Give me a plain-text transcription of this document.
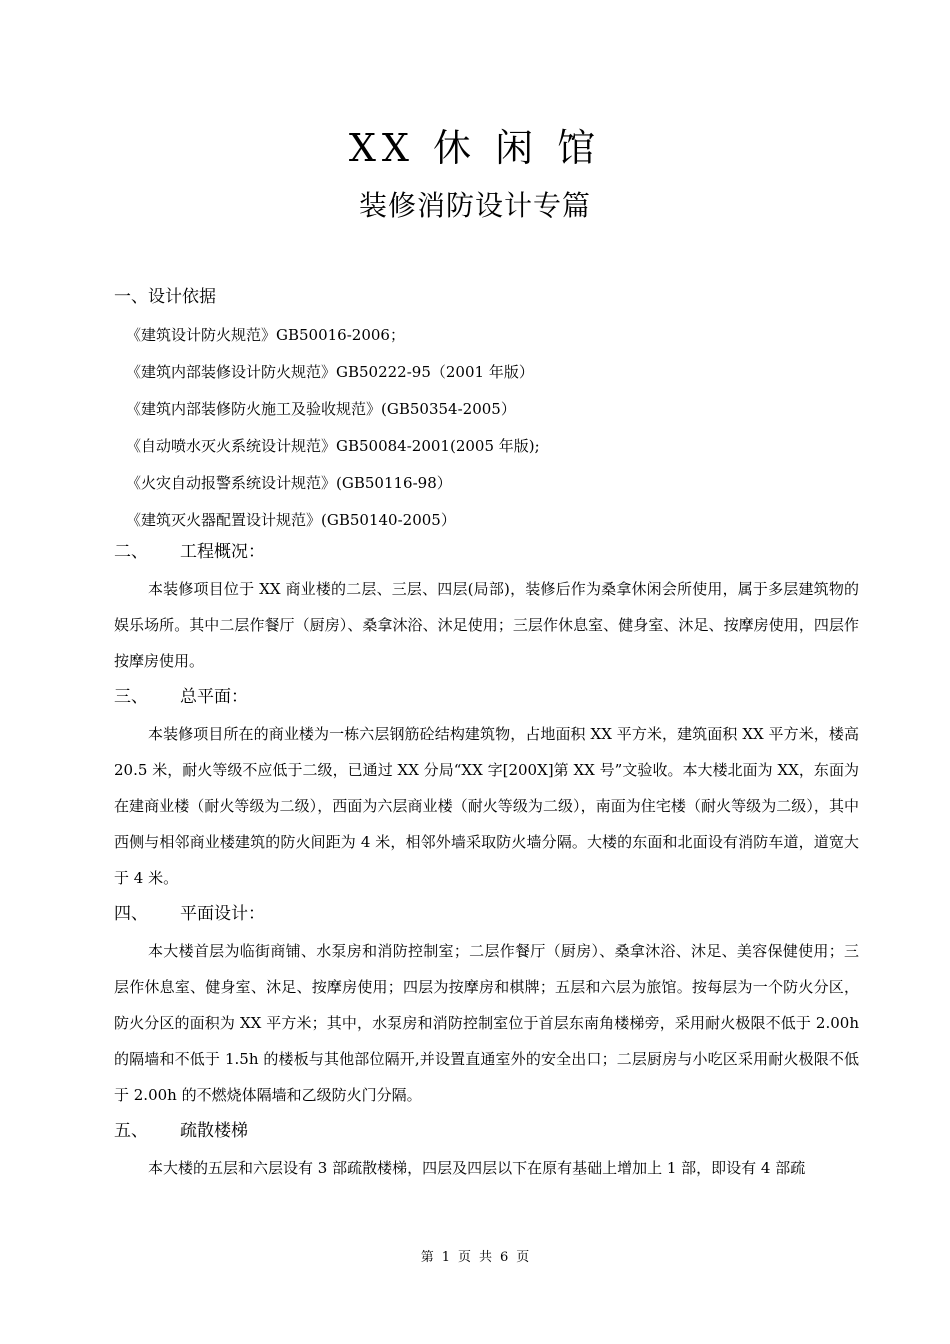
XX 休 闲 馆
装修消防设计专篇
一、 设计依据

《建筑设计防火规范》GB50016-2006；

《建筑内部装修设计防火规范》GB50222-95（2001 年版）

《建筑内部装修防火施工及验收规范》(GB50354-2005）

《自动喷水灭火系统设计规范》GB50084-2001(2005 年版);

《火灾自动报警系统设计规范》(GB50116-98）

《建筑灭火器配置设计规范》(GB50140-2005）

二、	工程概况：

本装修项目位于 XX 商业楼的二层、三层、四层(局部)，装修后作为桑拿休闲会所使用，属于多层建筑物的娱乐场所。其中二层作餐厅（厨房）、桑拿沐浴、沐足使用；三层作休息室、健身室、沐足、按摩房使用，四层作按摩房使用。

三、	总平面：

本装修项目所在的商业楼为一栋六层钢筋砼结构建筑物，占地面积 XX 平方米，建筑面积 XX 平方米，楼高 20.5 米，耐火等级不应低于二级，已通过 XX 分局“XX 字[200X]第 XX 号”文验收。本大楼北面为 XX，东面为在建商业楼（耐火等级为二级），西面为六层商业楼（耐火等级为二级），南面为住宅楼（耐火等级为二级），其中西侧与相邻商业楼建筑的防火间距为 4 米，相邻外墙采取防火墙分隔。大楼的东面和北面设有消防车道，道宽大于 4 米。

四、	平面设计：

本大楼首层为临街商铺、水泵房和消防控制室；二层作餐厅（厨房）、桑拿沐浴、沐足、美容保健使用；三层作休息室、健身室、沐足、按摩房使用；四层为按摩房和棋牌；五层和六层为旅馆。按每层为一个防火分区，防火分区的面积为 XX 平方米；其中，水泵房和消防控制室位于首层东南角楼梯旁，采用耐火极限不低于 2.00h 的隔墙和不低于 1.5h 的楼板与其他部位隔开,并设置直通室外的安全出口；二层厨房与小吃区采用耐火极限不低于 2.00h 的不燃烧体隔墙和乙级防火门分隔。

五、	疏散楼梯

本大楼的五层和六层设有 3 部疏散楼梯，四层及四层以下在原有基础上增加上 1 部，即设有 4 部疏

第 1 页 共 6 页
